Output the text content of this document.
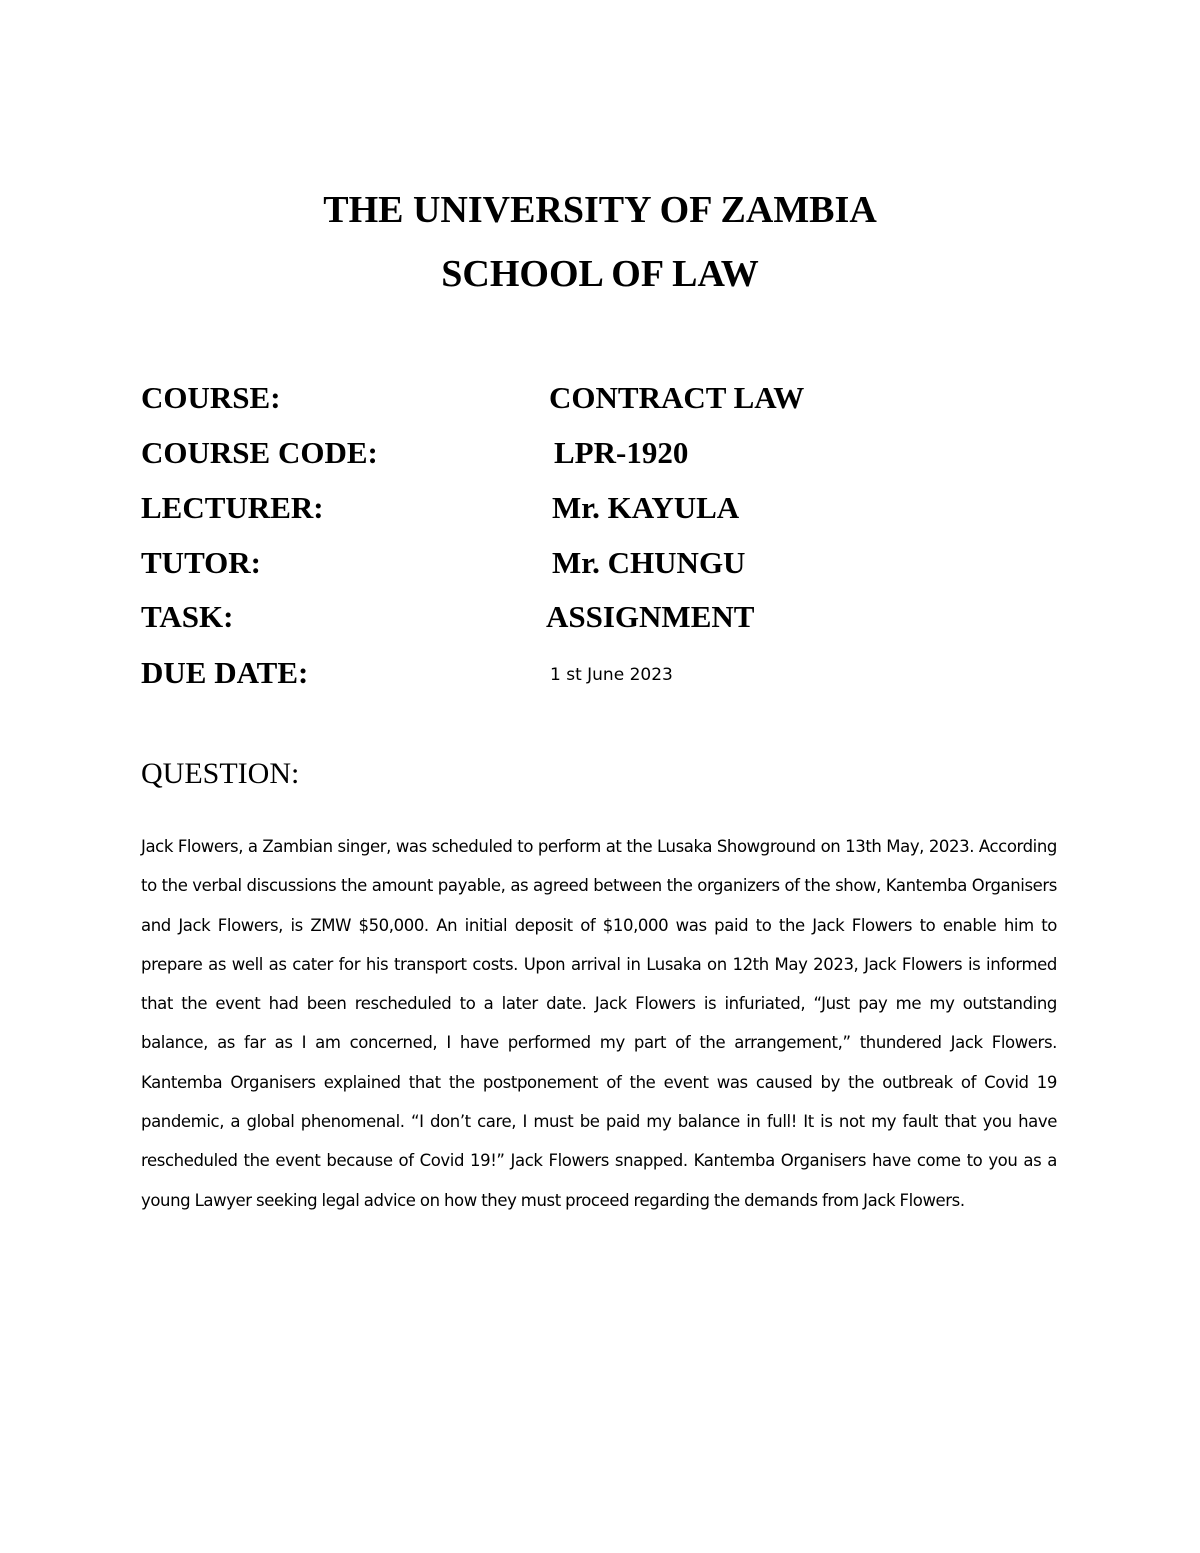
THE UNIVERSITY OF ZAMBIA
SCHOOL OF LAW
COURSE:	CONTRACT LAW
COURSE CODE:	LPR-1920
LECTURER:	Mr. KAYULA
TUTOR:	Mr. CHUNGU
TASK:	ASSIGNMENT
DUE DATE:	1 st June 2023
QUESTION:

Jack Flowers, a Zambian singer, was scheduled to perform at the Lusaka Showground on 13th May, 2023. According to the verbal discussions the amount payable, as agreed between the organizers of the show, Kantemba Organisers and Jack Flowers, is ZMW $50,000. An initial deposit of $10,000 was paid to the Jack Flowers to enable him to prepare as well as cater for his transport costs. Upon arrival in Lusaka on 12th May 2023, Jack Flowers is informed that the event had been rescheduled to a later date. Jack Flowers is infuriated, “Just pay me my outstanding balance, as far as I am concerned, I have performed my part of the arrangement,” thundered Jack Flowers. Kantemba Organisers explained that the postponement of the event was caused by the outbreak of Covid 19 pandemic, a global phenomenal. “I don’t care, I must be paid my balance in full! It is not my fault that you have rescheduled the event because of Covid 19!” Jack Flowers snapped. Kantemba Organisers have come to you as a young Lawyer seeking legal advice on how they must proceed regarding the demands from Jack Flowers.
